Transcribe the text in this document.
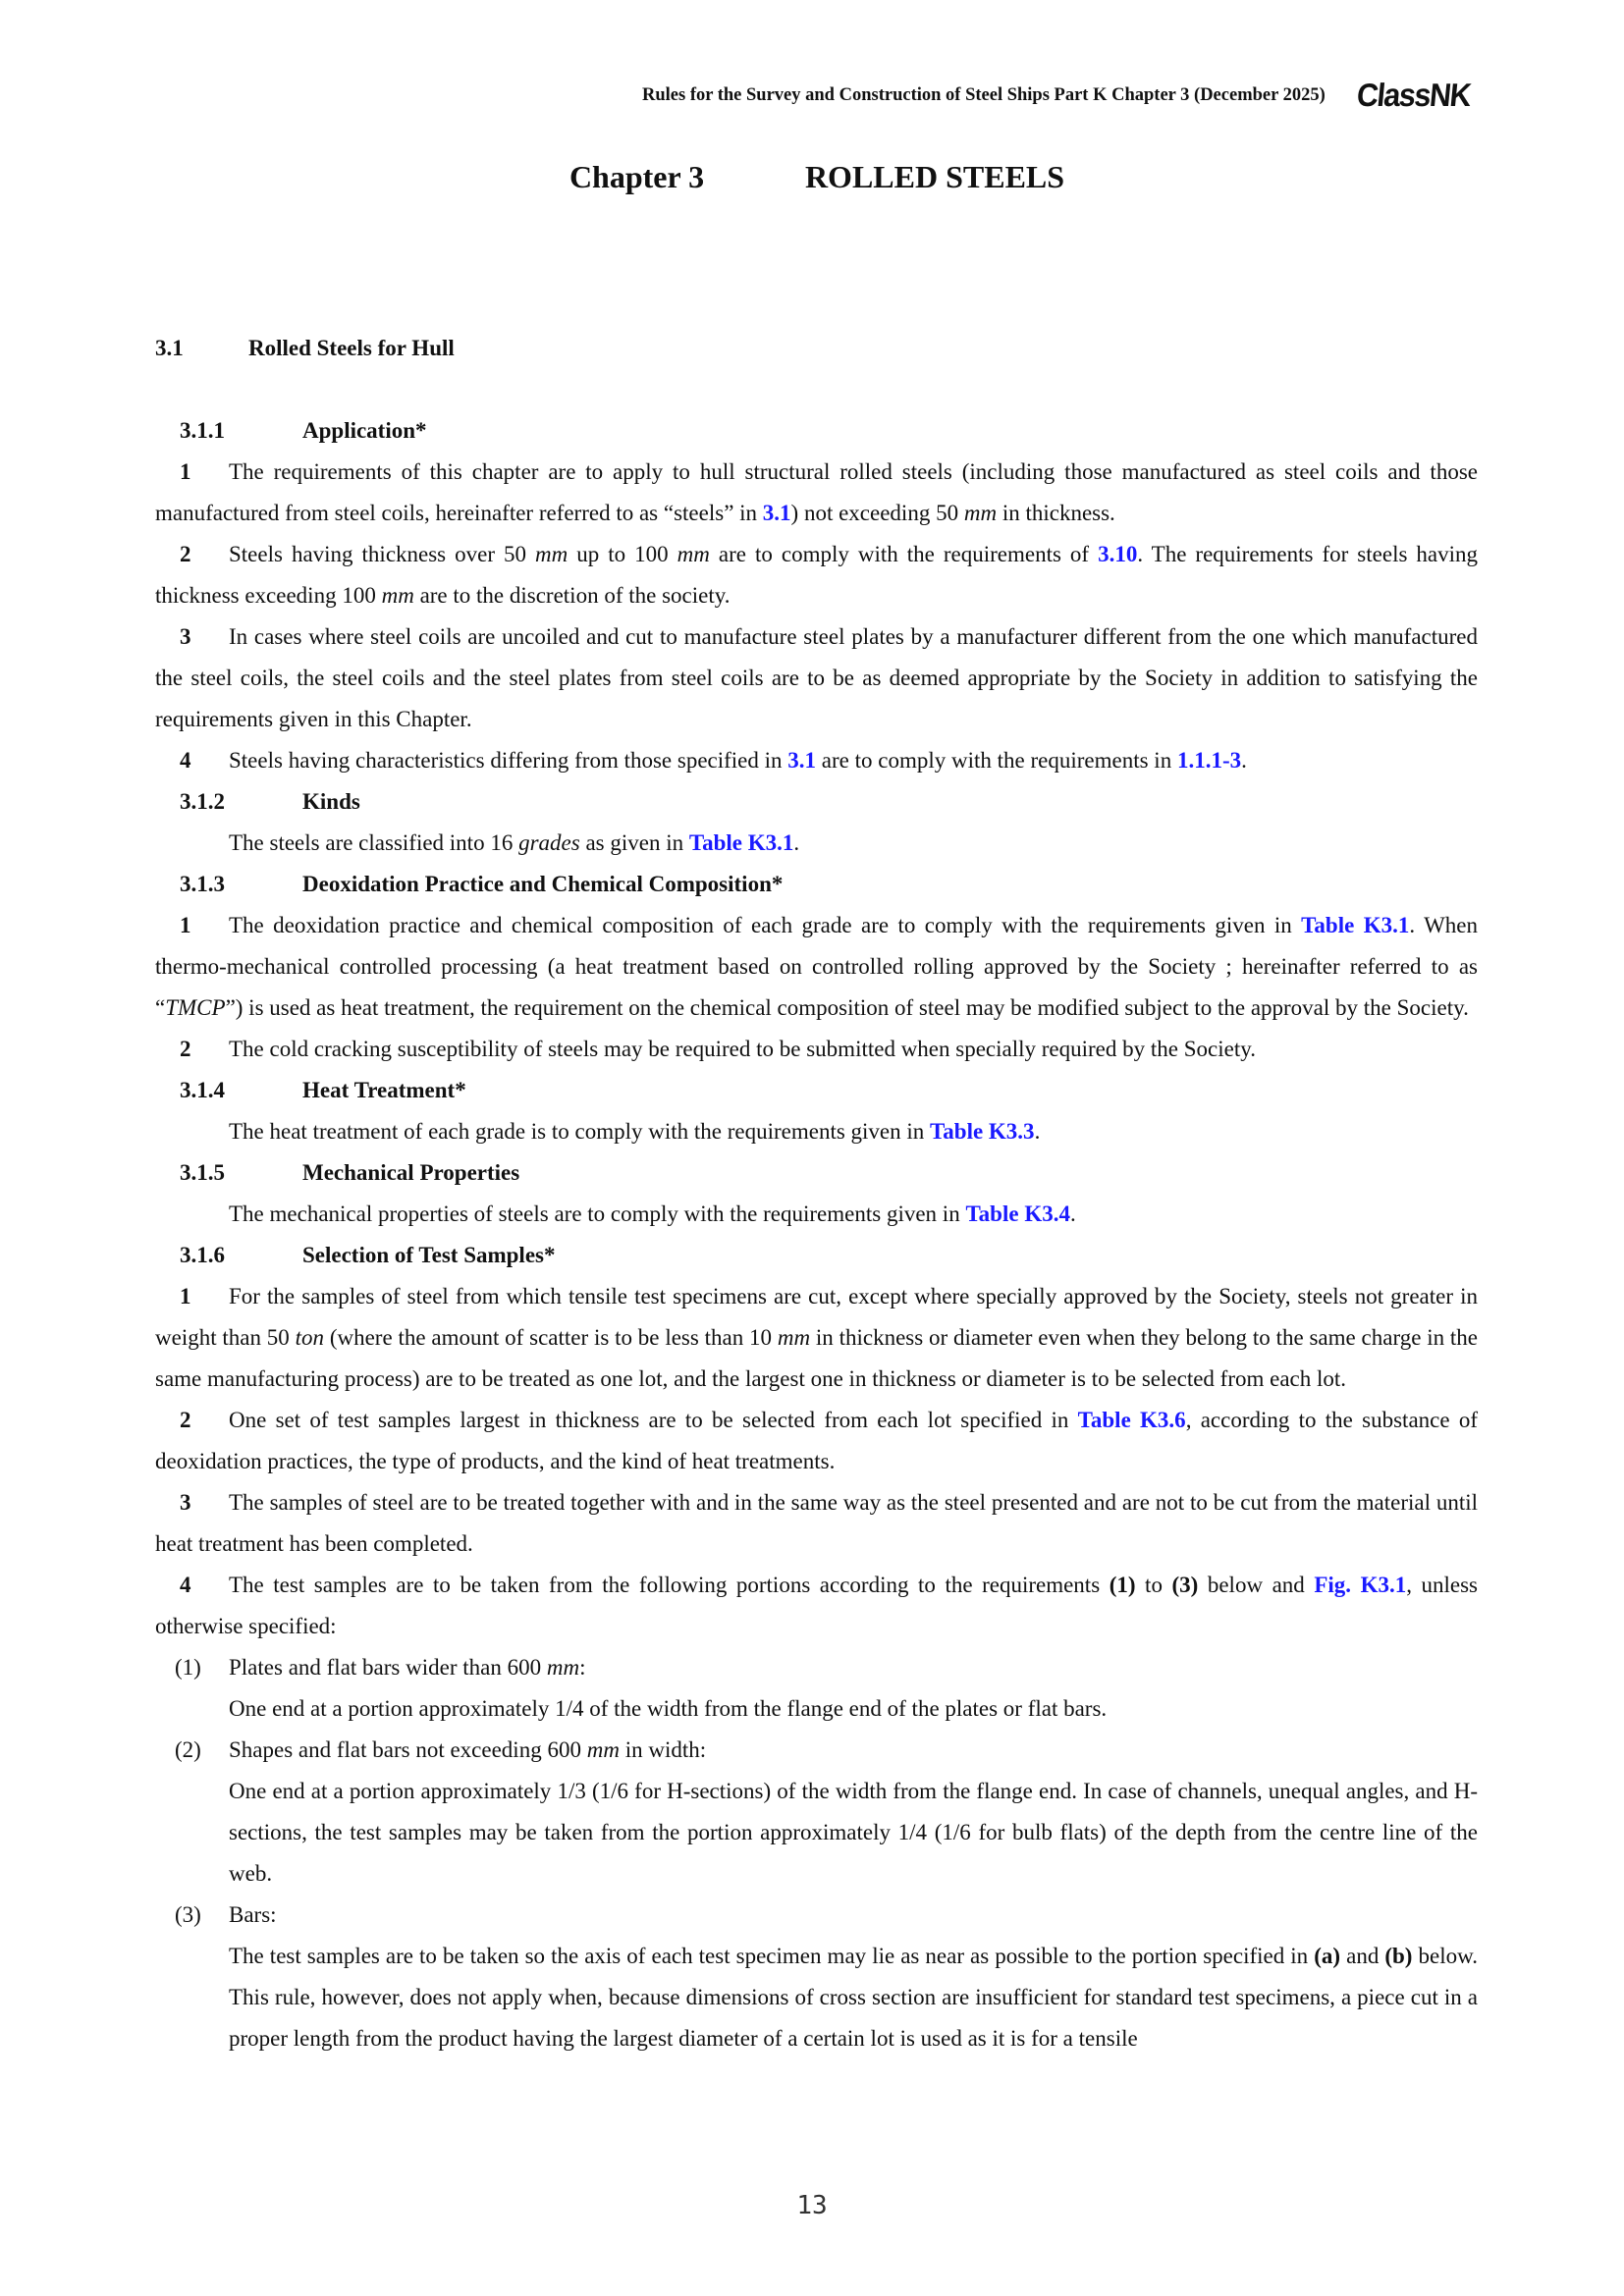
Rules for the Survey and Construction of Steel Ships Part K Chapter 3 (December 2025) ClassNK
Chapter 3	ROLLED STEELS
3.1	Rolled Steels for Hull
3.1.1	Application*
1 The requirements of this chapter are to apply to hull structural rolled steels (including those manufactured as steel coils and those manufactured from steel coils, hereinafter referred to as “steels” in 3.1) not exceeding 50 mm in thickness.
2 Steels having thickness over 50 mm up to 100 mm are to comply with the requirements of 3.10. The requirements for steels having thickness exceeding 100 mm are to the discretion of the society.
3 In cases where steel coils are uncoiled and cut to manufacture steel plates by a manufacturer different from the one which manufactured the steel coils, the steel coils and the steel plates from steel coils are to be as deemed appropriate by the Society in addition to satisfying the requirements given in this Chapter.
4 Steels having characteristics differing from those specified in 3.1 are to comply with the requirements in 1.1.1-3.
3.1.2	Kinds
The steels are classified into 16 grades as given in Table K3.1.
3.1.3	Deoxidation Practice and Chemical Composition*
1 The deoxidation practice and chemical composition of each grade are to comply with the requirements given in Table K3.1. When thermo-mechanical controlled processing (a heat treatment based on controlled rolling approved by the Society ; hereinafter referred to as “TMCP”) is used as heat treatment, the requirement on the chemical composition of steel may be modified subject to the approval by the Society.
2 The cold cracking susceptibility of steels may be required to be submitted when specially required by the Society.
3.1.4	Heat Treatment*
The heat treatment of each grade is to comply with the requirements given in Table K3.3.
3.1.5	Mechanical Properties
The mechanical properties of steels are to comply with the requirements given in Table K3.4.
3.1.6	Selection of Test Samples*
1 For the samples of steel from which tensile test specimens are cut, except where specially approved by the Society, steels not greater in weight than 50 ton (where the amount of scatter is to be less than 10 mm in thickness or diameter even when they belong to the same charge in the same manufacturing process) are to be treated as one lot, and the largest one in thickness or diameter is to be selected from each lot.
2 One set of test samples largest in thickness are to be selected from each lot specified in Table K3.6, according to the substance of deoxidation practices, the type of products, and the kind of heat treatments.
3 The samples of steel are to be treated together with and in the same way as the steel presented and are not to be cut from the material until heat treatment has been completed.
4 The test samples are to be taken from the following portions according to the requirements (1) to (3) below and Fig. K3.1, unless otherwise specified:
(1) Plates and flat bars wider than 600 mm:
One end at a portion approximately 1/4 of the width from the flange end of the plates or flat bars.
(2) Shapes and flat bars not exceeding 600 mm in width:
One end at a portion approximately 1/3 (1/6 for H-sections) of the width from the flange end. In case of channels, unequal angles, and H-sections, the test samples may be taken from the portion approximately 1/4 (1/6 for bulb flats) of the depth from the centre line of the web.
(3) Bars:
The test samples are to be taken so the axis of each test specimen may lie as near as possible to the portion specified in (a) and (b) below. This rule, however, does not apply when, because dimensions of cross section are insufficient for standard test specimens, a piece cut in a proper length from the product having the largest diameter of a certain lot is used as it is for a tensile
13
